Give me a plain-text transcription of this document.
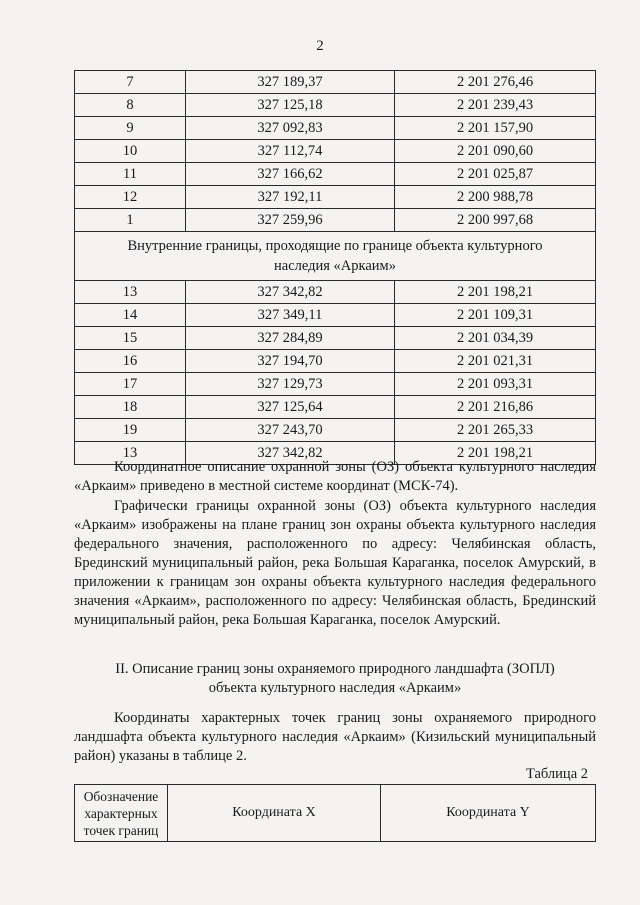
2
7	327 189,37	2 201 276,46
8	327 125,18	2 201 239,43
9	327 092,83	2 201 157,90
10	327 112,74	2 201 090,60
11	327 166,62	2 201 025,87
12	327 192,11	2 200 988,78
1	327 259,96	2 200 997,68
Внутренние границы, проходящие по границе объекта культурного наследия «Аркаим»		
13	327 342,82	2 201 198,21
14	327 349,11	2 201 109,31
15	327 284,89	2 201 034,39
16	327 194,70	2 201 021,31
17	327 129,73	2 201 093,31
18	327 125,64	2 201 216,86
19	327 243,70	2 201 265,33
13	327 342,82	2 201 198,21

Координатное описание охранной зоны (ОЗ) объекта культурного наследия «Аркаим» приведено в местной системе координат (МСК-74).

Графически границы охранной зоны (ОЗ) объекта культурного наследия «Аркаим» изображены на плане границ зон охраны объекта культурного наследия федерального значения, расположенного по адресу: Челябинская область, Брединский муниципальный район, река Большая Караганка, поселок Амурский, в приложении к границам зон охраны объекта культурного наследия федерального значения «Аркаим», расположенного по адресу: Челябинская область, Брединский муниципальный район, река Большая Караганка, поселок Амурский.

II. Описание границ зоны охраняемого природного ландшафта (ЗОПЛ)
объекта культурного наследия «Аркаим»

Координаты характерных точек границ зоны охраняемого природного ландшафта объекта культурного наследия «Аркаим» (Кизильский муниципальный район) указаны в таблице 2.

Таблица 2
Обозначение характерных точек границ	Координата X	Координата Y
